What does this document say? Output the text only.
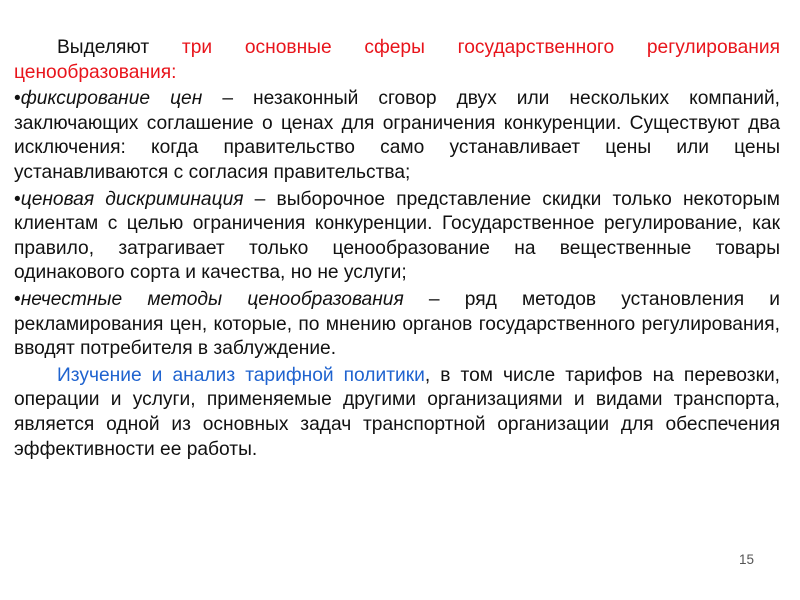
Выделяют три основные сферы государственного регулирования ценообразования:

•фиксирование цен – незаконный сговор двух или нескольких компаний, заключающих соглашение о ценах для ограничения конкуренции. Существуют два исключения: когда правительство само устанавливает цены или цены устанавливаются с согласия правительства;

•ценовая дискриминация – выборочное представление скидки только некоторым клиентам с целью ограничения конкуренции. Государственное регулирование, как правило, затрагивает только ценообразование на вещественные товары одинакового сорта и качества, но не услуги;

•нечестные методы ценообразования – ряд методов установления и рекламирования цен, которые, по мнению органов государственного регулирования, вводят потребителя в заблуждение.

Изучение и анализ тарифной политики, в том числе тарифов на перевозки, операции и услуги, применяемые другими организациями и видами транспорта, является одной из основных задач транспортной организации для обеспечения эффективности ее работы.

15
